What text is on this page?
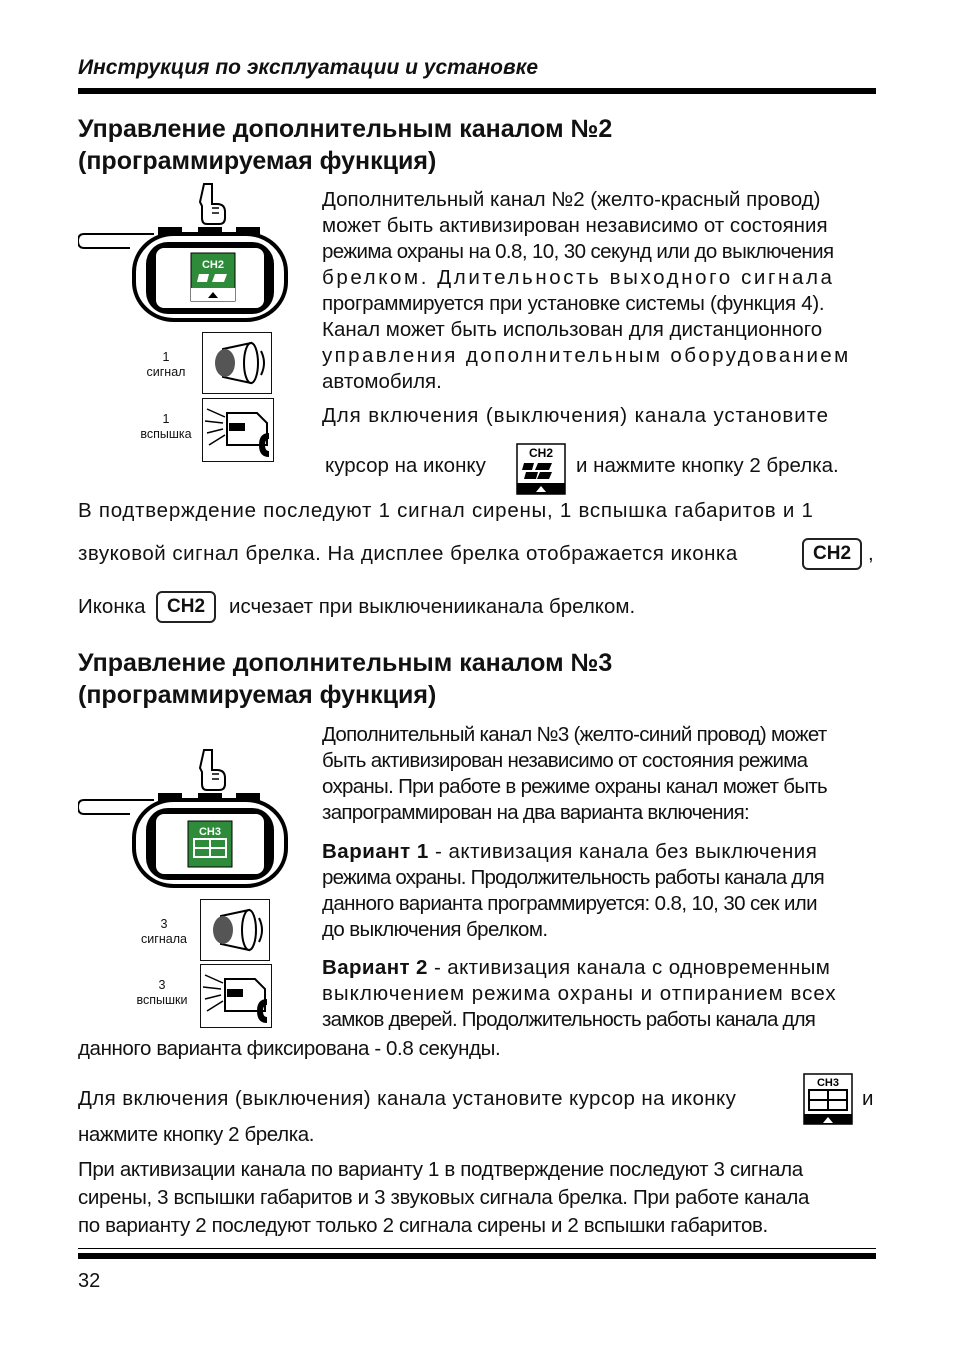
Инструкция по эксплуатации и установке
Управление дополнительным каналом №2
(программируемая функция)
CH2
1
сигнал
1
вспышка
Дополнительный канал №2 (желто-красный провод)
может быть активизирован независимо от состояния
режима охраны на 0.8, 10, 30 секунд или до выключения
брелком. Длительность выходного сигнала
программируется при установке системы (функция 4).
Канал может быть использован для дистанционного
управления дополнительным оборудованием
автомобиля.
Для включения (выключения) канала установите
курсор на иконку
CH2
и нажмите кнопку 2 брелка.
В подтверждение последуют 1 сигнал сирены, 1 вспышка габаритов и 1
звуковой сигнал брелка. На дисплее брелка отображается иконка	CH2 ,
Иконка	CH2	исчезает при выключенииканала брелком.
Управление дополнительным каналом №3
(программируемая функция)
CH3
3
сигнала
3
вспышки
Дополнительный канал №3 (желто-синий провод) может
быть активизирован независимо от состояния режима
охраны. При работе в режиме охраны канал может быть
запрограммирован на два варианта включения:
Вариант 1 - активизация канала без выключения
режима охраны. Продолжительность работы канала для
данного варианта программируется: 0.8, 10, 30 сек или
до выключения брелком.
Вариант 2 - активизация канала с одновременным
выключением режима охраны и отпиранием всех
замков дверей. Продолжительность работы канала для
данного варианта фиксирована - 0.8 секунды.
Для включения (выключения) канала установите курсор на иконку
CH3
и
нажмите кнопку 2 брелка.
При активизации канала по варианту 1 в подтверждение последуют 3 сигнала
сирены, 3 вспышки габаритов и 3 звуковых сигнала брелка. При работе канала
по варианту 2 последуют только 2 сигнала сирены и 2 вспышки габаритов.
32
